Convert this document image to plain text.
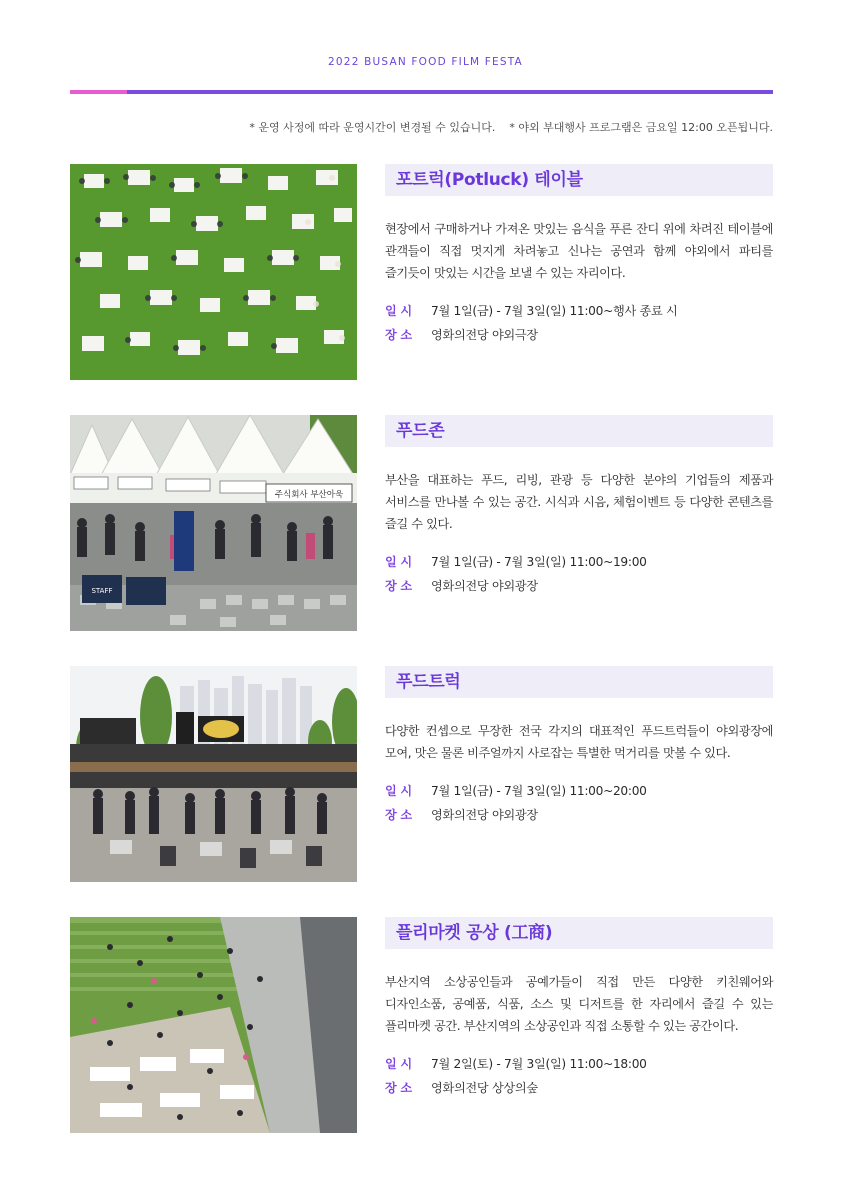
2022 BUSAN FOOD FILM FESTA
* 운영 사정에 따라 운영시간이 변경될 수 있습니다. * 야외 부대행사 프로그램은 금요일 12:00 오픈됩니다.
포트럭(Potluck) 테이블
현장에서 구매하거나 가져온 맛있는 음식을 푸른 잔디 위에 차려진 테이블에 관객들이 직접 멋지게 차려놓고 신나는 공연과 함께 야외에서 파티를 즐기듯이 맛있는 시간을 보낼 수 있는 자리이다.
일 시 7월 1일(금) - 7월 3일(일) 11:00~행사 종료 시
장 소 영화의전당 야외극장
주식회사 부산아욱
STAFF
푸드존
부산을 대표하는 푸드, 리빙, 관광 등 다양한 분야의 기업들의 제품과 서비스를 만나볼 수 있는 공간. 시식과 시음, 체험이벤트 등 다양한 콘텐츠를 즐길 수 있다.
일 시 7월 1일(금) - 7월 3일(일) 11:00~19:00
장 소 영화의전당 야외광장
푸드트럭
다양한 컨셉으로 무장한 전국 각지의 대표적인 푸드트럭들이 야외광장에 모여, 맛은 물론 비주얼까지 사로잡는 특별한 먹거리를 맛볼 수 있다.
일 시 7월 1일(금) - 7월 3일(일) 11:00~20:00
장 소 영화의전당 야외광장
플리마켓 공상 (工商)
부산지역 소상공인들과 공예가들이 직접 만든 다양한 키친웨어와 디자인소품, 공예품, 식품, 소스 및 디저트를 한 자리에서 즐길 수 있는 플리마켓 공간. 부산지역의 소상공인과 직접 소통할 수 있는 공간이다.
일 시 7월 2일(토) - 7월 3일(일) 11:00~18:00
장 소 영화의전당 상상의숲
